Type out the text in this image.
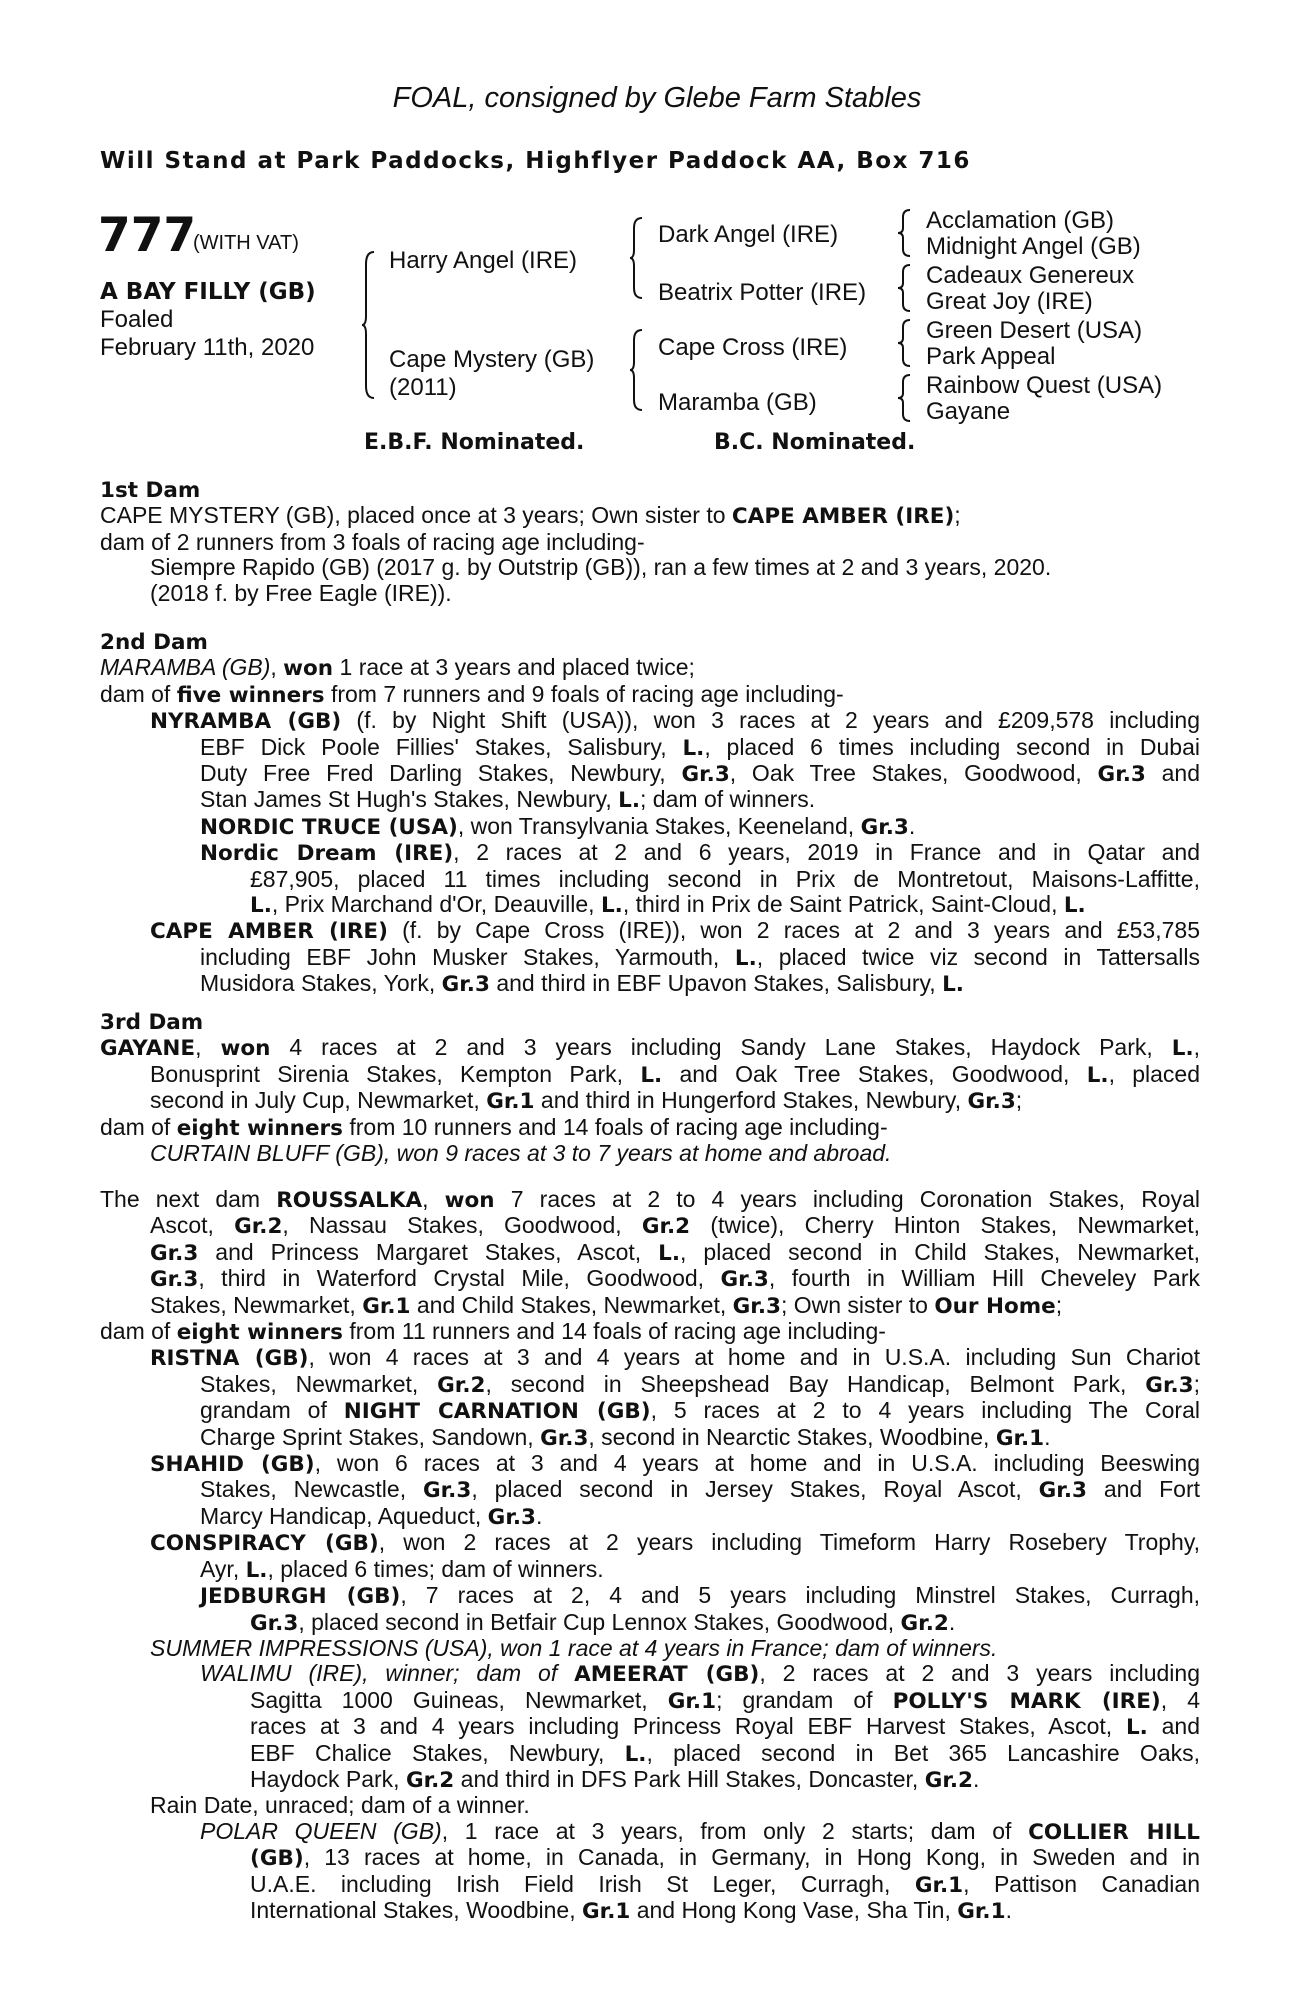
FOAL, consigned by Glebe Farm Stables
Will Stand at Park Paddocks, Highflyer Paddock AA, Box 716
777
(WITH VAT)
A BAY FILLY (GB)
Foaled
February 11th, 2020
Harry Angel (IRE)
Cape Mystery (GB)
(2011)
Dark Angel (IRE)
Beatrix Potter (IRE)
Cape Cross (IRE)
Maramba (GB)
Acclamation (GB)
Midnight Angel (GB)
Cadeaux Genereux
Great Joy (IRE)
Green Desert (USA)
Park Appeal
Rainbow Quest (USA)
Gayane
E.B.F. Nominated.	B.C. Nominated.
1st Dam
CAPE MYSTERY (GB), placed once at 3 years; Own sister to CAPE AMBER (IRE);
dam of 2 runners from 3 foals of racing age including-
Siempre Rapido (GB) (2017 g. by Outstrip (GB)), ran a few times at 2 and 3 years, 2020.
(2018 f. by Free Eagle (IRE)).
2nd Dam
MARAMBA (GB), won 1 race at 3 years and placed twice;
dam of five winners from 7 runners and 9 foals of racing age including-
NYRAMBA (GB) (f. by Night Shift (USA)), won 3 races at 2 years and £209,578 including
EBF Dick Poole Fillies' Stakes, Salisbury, L., placed 6 times including second in Dubai
Duty Free Fred Darling Stakes, Newbury, Gr.3, Oak Tree Stakes, Goodwood, Gr.3 and
Stan James St Hugh's Stakes, Newbury, L.; dam of winners.
NORDIC TRUCE (USA), won Transylvania Stakes, Keeneland, Gr.3.
Nordic Dream (IRE), 2 races at 2 and 6 years, 2019 in France and in Qatar and
£87,905, placed 11 times including second in Prix de Montretout, Maisons-Laffitte,
L., Prix Marchand d'Or, Deauville, L., third in Prix de Saint Patrick, Saint-Cloud, L.
CAPE AMBER (IRE) (f. by Cape Cross (IRE)), won 2 races at 2 and 3 years and £53,785
including EBF John Musker Stakes, Yarmouth, L., placed twice viz second in Tattersalls
Musidora Stakes, York, Gr.3 and third in EBF Upavon Stakes, Salisbury, L.
3rd Dam
GAYANE, won 4 races at 2 and 3 years including Sandy Lane Stakes, Haydock Park, L.,
Bonusprint Sirenia Stakes, Kempton Park, L. and Oak Tree Stakes, Goodwood, L., placed
second in July Cup, Newmarket, Gr.1 and third in Hungerford Stakes, Newbury, Gr.3;
dam of eight winners from 10 runners and 14 foals of racing age including-
CURTAIN BLUFF (GB), won 9 races at 3 to 7 years at home and abroad.
The next dam ROUSSALKA, won 7 races at 2 to 4 years including Coronation Stakes, Royal
Ascot, Gr.2, Nassau Stakes, Goodwood, Gr.2 (twice), Cherry Hinton Stakes, Newmarket,
Gr.3 and Princess Margaret Stakes, Ascot, L., placed second in Child Stakes, Newmarket,
Gr.3, third in Waterford Crystal Mile, Goodwood, Gr.3, fourth in William Hill Cheveley Park
Stakes, Newmarket, Gr.1 and Child Stakes, Newmarket, Gr.3; Own sister to Our Home;
dam of eight winners from 11 runners and 14 foals of racing age including-
RISTNA (GB), won 4 races at 3 and 4 years at home and in U.S.A. including Sun Chariot
Stakes, Newmarket, Gr.2, second in Sheepshead Bay Handicap, Belmont Park, Gr.3;
grandam of NIGHT CARNATION (GB), 5 races at 2 to 4 years including The Coral
Charge Sprint Stakes, Sandown, Gr.3, second in Nearctic Stakes, Woodbine, Gr.1.
SHAHID (GB), won 6 races at 3 and 4 years at home and in U.S.A. including Beeswing
Stakes, Newcastle, Gr.3, placed second in Jersey Stakes, Royal Ascot, Gr.3 and Fort
Marcy Handicap, Aqueduct, Gr.3.
CONSPIRACY (GB), won 2 races at 2 years including Timeform Harry Rosebery Trophy,
Ayr, L., placed 6 times; dam of winners.
JEDBURGH (GB), 7 races at 2, 4 and 5 years including Minstrel Stakes, Curragh,
Gr.3, placed second in Betfair Cup Lennox Stakes, Goodwood, Gr.2.
SUMMER IMPRESSIONS (USA), won 1 race at 4 years in France; dam of winners.
WALIMU (IRE), winner; dam of AMEERAT (GB), 2 races at 2 and 3 years including
Sagitta 1000 Guineas, Newmarket, Gr.1; grandam of POLLY'S MARK (IRE), 4
races at 3 and 4 years including Princess Royal EBF Harvest Stakes, Ascot, L. and
EBF Chalice Stakes, Newbury, L., placed second in Bet 365 Lancashire Oaks,
Haydock Park, Gr.2 and third in DFS Park Hill Stakes, Doncaster, Gr.2.
Rain Date, unraced; dam of a winner.
POLAR QUEEN (GB), 1 race at 3 years, from only 2 starts; dam of COLLIER HILL
(GB), 13 races at home, in Canada, in Germany, in Hong Kong, in Sweden and in
U.A.E. including Irish Field Irish St Leger, Curragh, Gr.1, Pattison Canadian
International Stakes, Woodbine, Gr.1 and Hong Kong Vase, Sha Tin, Gr.1.
